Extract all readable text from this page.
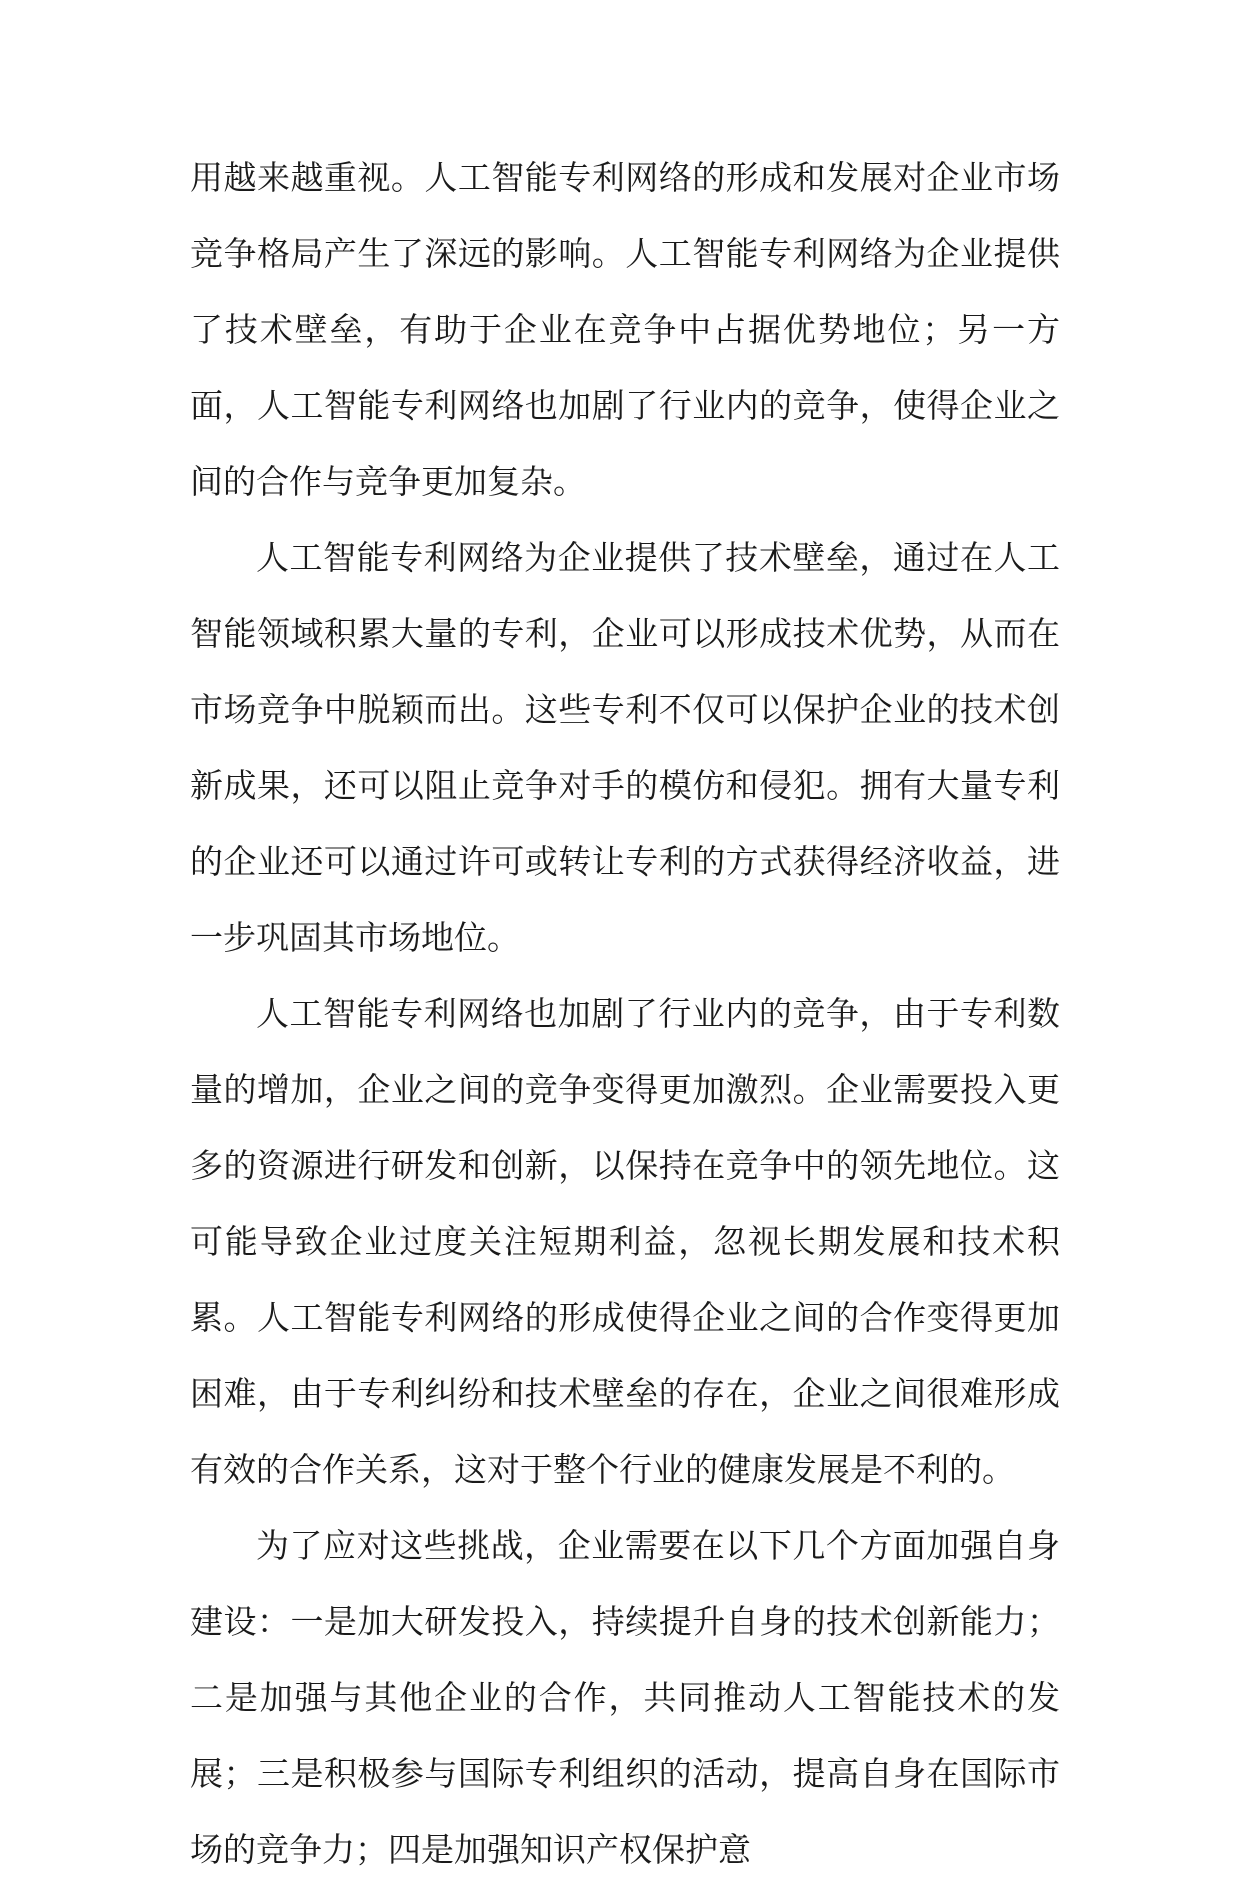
用越来越重视。人工智能专利网络的形成和发展对企业市场竞争格局产生了深远的影响。人工智能专利网络为企业提供了技术壁垒，有助于企业在竞争中占据优势地位；另一方面，人工智能专利网络也加剧了行业内的竞争，使得企业之间的合作与竞争更加复杂。

人工智能专利网络为企业提供了技术壁垒，通过在人工智能领域积累大量的专利，企业可以形成技术优势，从而在市场竞争中脱颖而出。这些专利不仅可以保护企业的技术创新成果，还可以阻止竞争对手的模仿和侵犯。拥有大量专利的企业还可以通过许可或转让专利的方式获得经济收益，进一步巩固其市场地位。

人工智能专利网络也加剧了行业内的竞争，由于专利数量的增加，企业之间的竞争变得更加激烈。企业需要投入更多的资源进行研发和创新，以保持在竞争中的领先地位。这可能导致企业过度关注短期利益，忽视长期发展和技术积累。人工智能专利网络的形成使得企业之间的合作变得更加困难，由于专利纠纷和技术壁垒的存在，企业之间很难形成有效的合作关系，这对于整个行业的健康发展是不利的。

为了应对这些挑战，企业需要在以下几个方面加强自身建设：一是加大研发投入，持续提升自身的技术创新能力；二是加强与其他企业的合作，共同推动人工智能技术的发展；三是积极参与国际专利组织的活动，提高自身在国际市场的竞争力；四是加强知识产权保护意
